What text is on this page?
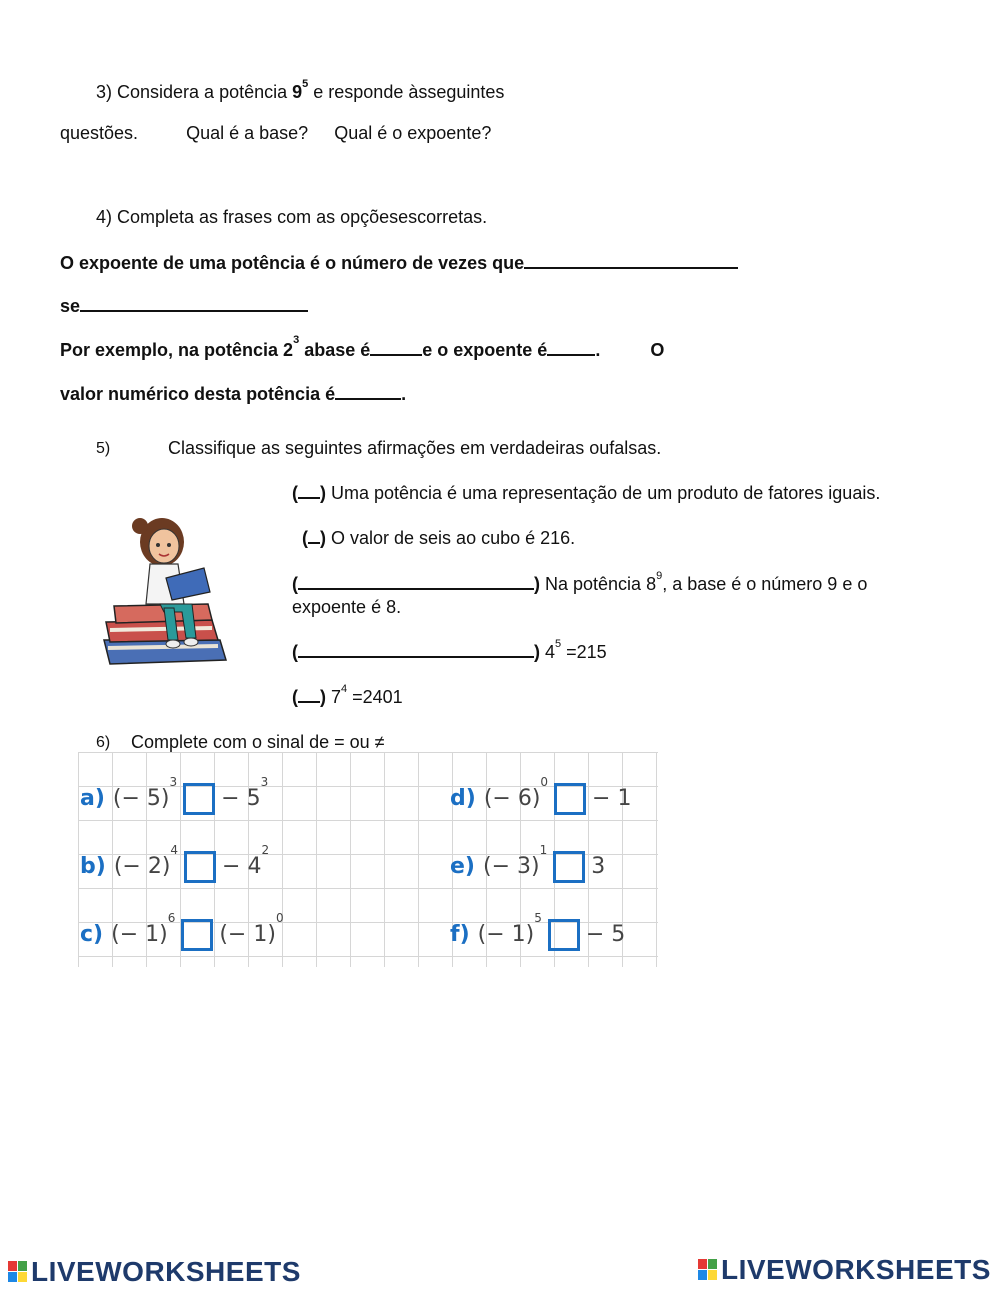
3) Considera a potência $9^5$ e responde àsseguintes
questões.	Qual é a base? Qual é o expoente?
4) Completa as frases com as opçõesescorretas.
O expoente de uma potência é o número de vezes que
se
Por exemplo, na potência $2^3$ abase é	e o expoente é	.	O
valor numérico desta potência é	.
5)	Classifique as seguintes afirmações em verdadeiras oufalsas.
( ) Uma potência é uma representação de um produto de fatores iguais.
( ) O valor de seis ao cubo é 216.
(	) Na potência $8^9$, a base é o número 9 e o
expoente é 8.
(	) $4^5 =215$
( ) $7^4 =2401$
6) Complete com o sinal de = ou ≠
a) (− $5)^3- 5^3$
b) (− $2)^4- 4^2$
c) (− $1)^6(- 1)^0$
d) (− 6)$^0$− 1
e) (− 3)$^1$3
f) (− 1)$^5$− 5
LIVEWORKSHEETS	LIVEWORKSHEETS
